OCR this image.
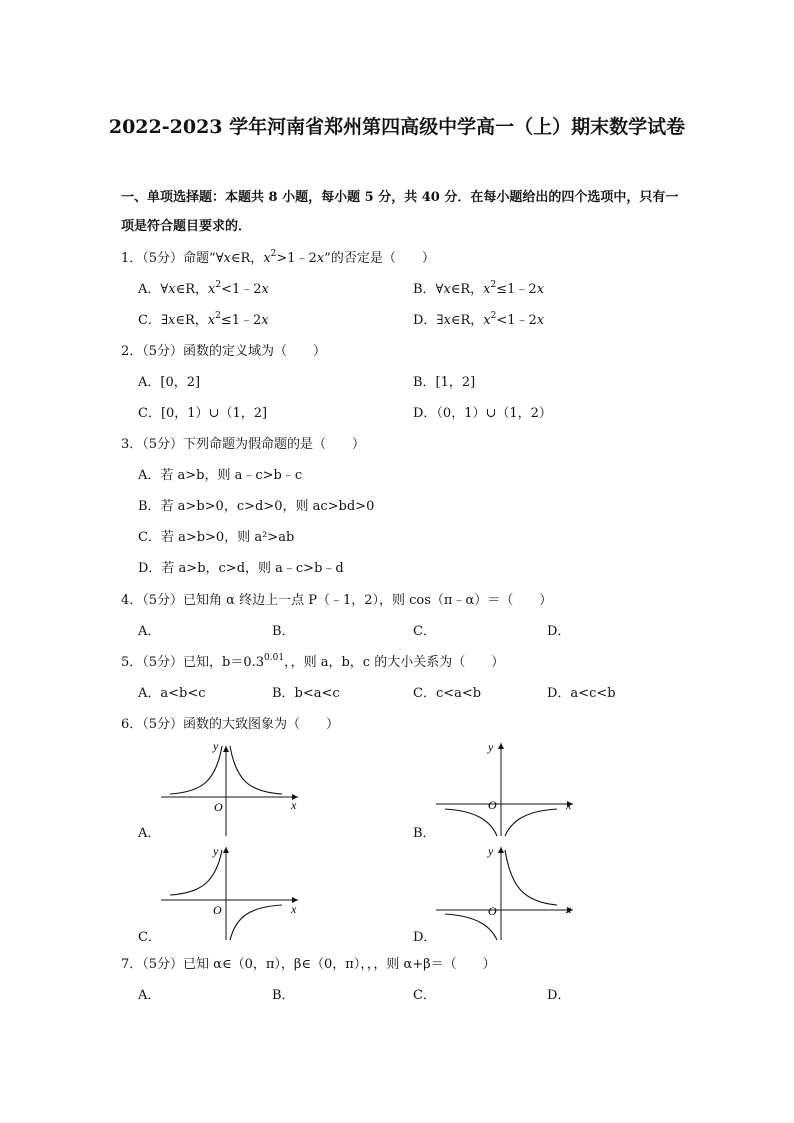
2022-2023 学年河南省郑州第四高级中学高一（上）期末数学试卷
一、单项选择题：本题共 8 小题，每小题 5 分，共 40 分．在每小题给出的四个选项中，只有一项是符合题目要求的．
1．（5分）命题“∀x∈R，$x^2>1﹣2x$”的否定是（　　）
A．∀x∈R，$x^2<1﹣2x$	B．∀x∈R，$x^2\le 1﹣2x$
C．∃x∈R，$x^2\le 1﹣2x$	D．∃x∈R，$x^2<1﹣2x$
2．（5分）函数的定义域为（　　）
A．[0，2]	B．[1，2]
C．[0，1）∪（1，2]	D．（0，1）∪（1，2）
3．（5分）下列命题为假命题的是（　　）
A．若 a>b，则 a﹣c>b﹣c
B．若 a>b>0，c>d>0，则 ac>bd>0
C．若 a>b>0，则 a²>ab
D．若 a>b，c>d，则 a﹣c>b﹣d
4．（5分）已知角 α 终边上一点 P（﹣1，2），则 cos（π﹣α）＝（　　）
A．	B．	C．	D．
5．（5分）已知，$b=0.3^{0.01}$，，则 a，b，c 的大小关系为（　　）
A．a<b<c	B．b<a<c	C．c<a<b	D．a<c<b
6．（5分）函数的大致图象为（　　）
y
O	x
A．
y
O	x
B．
y
O	x
C．
y
O	x
D．
7．（5分）已知 α∈（0，π），β∈（0，π），，，则 α+β＝（　　）
A．	B．	C．	D．
